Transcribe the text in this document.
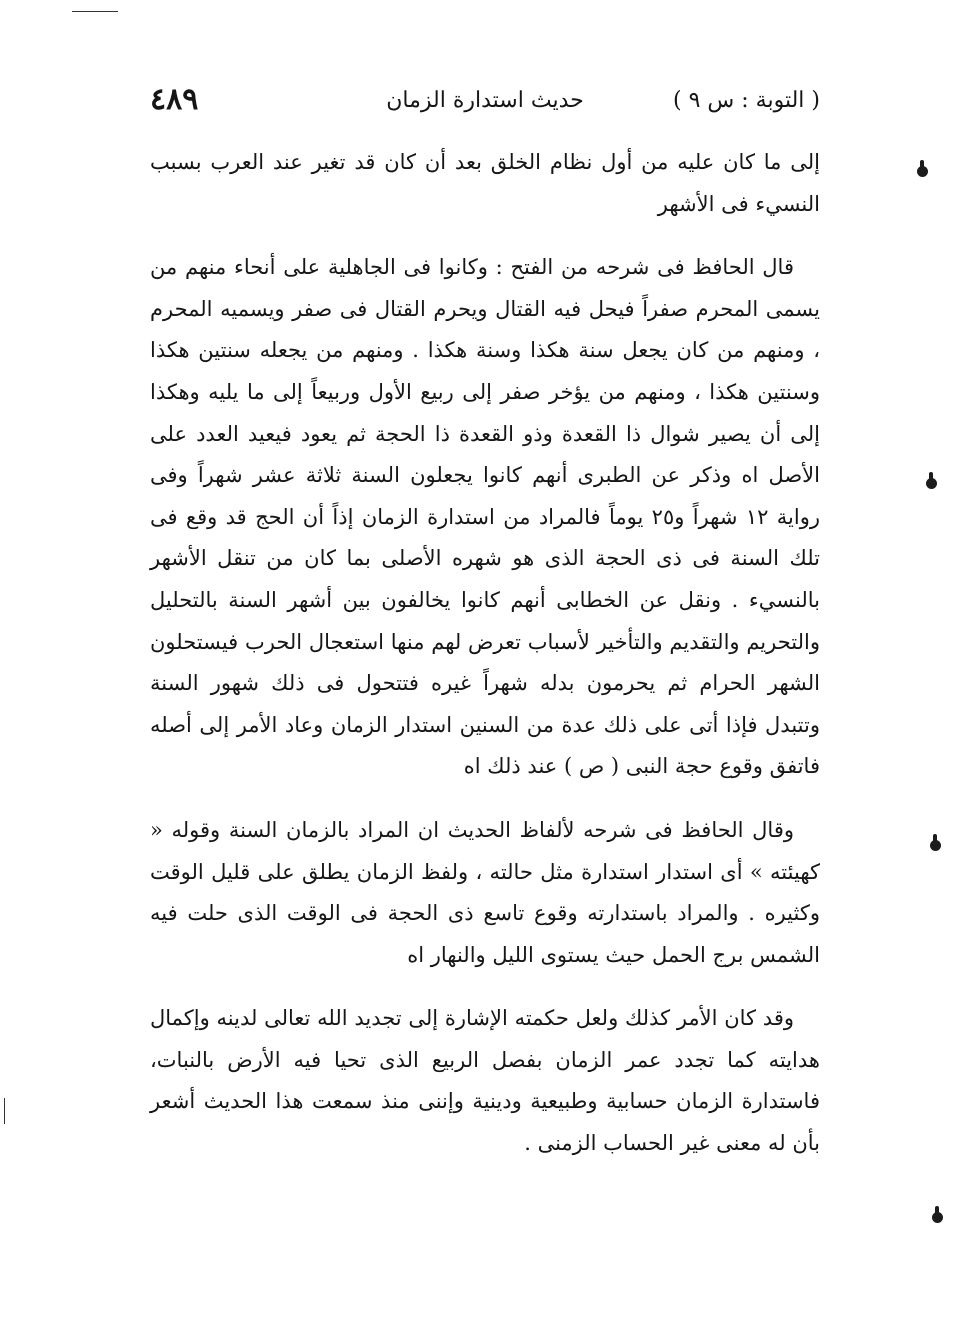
( التوبة : س ٩ )
حديث استدارة الزمان
٤٨٩

إلى ما كان عليه من أول نظام الخلق بعد أن كان قد تغير عند العرب بسبب النسيء فى الأشهر

قال الحافظ فى شرحه من الفتح : وكانوا فى الجاهلية على أنحاء منهم من يسمى المحرم صفراً فيحل فيه القتال ويحرم القتال فى صفر ويسميه المحرم ، ومنهم من كان يجعل سنة هكذا وسنة هكذا . ومنهم من يجعله سنتين هكذا وسنتين هكذا ، ومنهم من يؤخر صفر إلى ربيع الأول وربيعاً إلى ما يليه وهكذا إلى أن يصير شوال ذا القعدة وذو القعدة ذا الحجة ثم يعود فيعيد العدد على الأصل اه وذكر عن الطبرى أنهم كانوا يجعلون السنة ثلاثة عشر شهراً وفى رواية ١٢ شهراً و٢٥ يوماً فالمراد من استدارة الزمان إذاً أن الحج قد وقع فى تلك السنة فى ذى الحجة الذى هو شهره الأصلى بما كان من تنقل الأشهر بالنسيء . ونقل عن الخطابى أنهم كانوا يخالفون بين أشهر السنة بالتحليل والتحريم والتقديم والتأخير لأسباب تعرض لهم منها استعجال الحرب فيستحلون الشهر الحرام ثم يحرمون بدله شهراً غيره فتتحول فى ذلك شهور السنة وتتبدل فإذا أتى على ذلك عدة من السنين استدار الزمان وعاد الأمر إلى أصله فاتفق وقوع حجة النبى ( ص ) عند ذلك اه

وقال الحافظ فى شرحه لألفاظ الحديث ان المراد بالزمان السنة وقوله « كهيئته » أى استدار استدارة مثل حالته ، ولفظ الزمان يطلق على قليل الوقت وكثيره . والمراد باستدارته وقوع تاسع ذى الحجة فى الوقت الذى حلت فيه الشمس برج الحمل حيث يستوى الليل والنهار اه

وقد كان الأمر كذلك ولعل حكمته الإشارة إلى تجديد الله تعالى لدينه وإكمال هدايته كما تجدد عمر الزمان بفصل الربيع الذى تحيا فيه الأرض بالنبات، فاستدارة الزمان حسابية وطبيعية ودينية وإننى منذ سمعت هذا الحديث أشعر بأن له معنى غير الحساب الزمنى .
